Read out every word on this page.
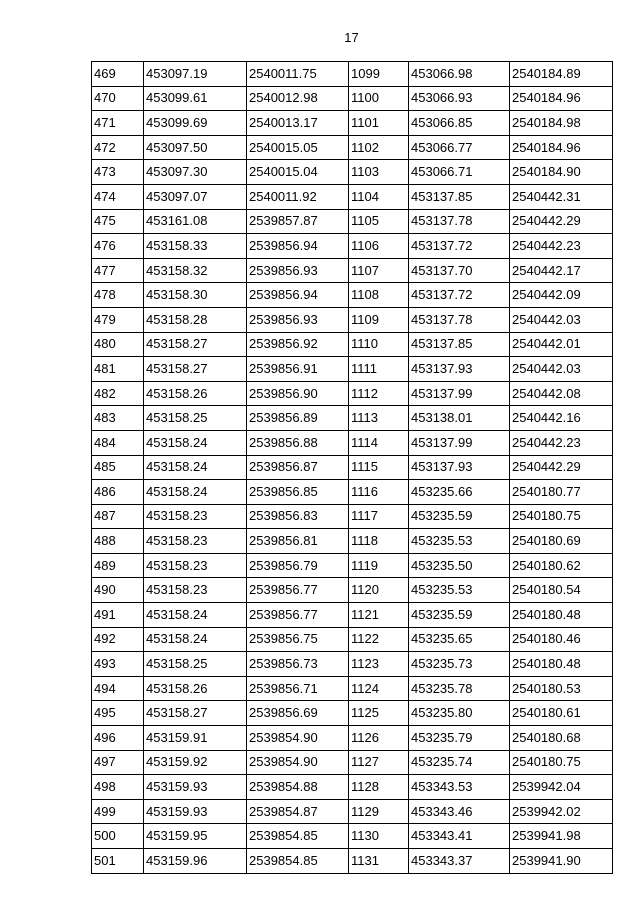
17
469	453097.19	2540011.75	1099	453066.98	2540184.89
470	453099.61	2540012.98	1100	453066.93	2540184.96
471	453099.69	2540013.17	1101	453066.85	2540184.98
472	453097.50	2540015.05	1102	453066.77	2540184.96
473	453097.30	2540015.04	1103	453066.71	2540184.90
474	453097.07	2540011.92	1104	453137.85	2540442.31
475	453161.08	2539857.87	1105	453137.78	2540442.29
476	453158.33	2539856.94	1106	453137.72	2540442.23
477	453158.32	2539856.93	1107	453137.70	2540442.17
478	453158.30	2539856.94	1108	453137.72	2540442.09
479	453158.28	2539856.93	1109	453137.78	2540442.03
480	453158.27	2539856.92	1110	453137.85	2540442.01
481	453158.27	2539856.91	1111	453137.93	2540442.03
482	453158.26	2539856.90	1112	453137.99	2540442.08
483	453158.25	2539856.89	1113	453138.01	2540442.16
484	453158.24	2539856.88	1114	453137.99	2540442.23
485	453158.24	2539856.87	1115	453137.93	2540442.29
486	453158.24	2539856.85	1116	453235.66	2540180.77
487	453158.23	2539856.83	1117	453235.59	2540180.75
488	453158.23	2539856.81	1118	453235.53	2540180.69
489	453158.23	2539856.79	1119	453235.50	2540180.62
490	453158.23	2539856.77	1120	453235.53	2540180.54
491	453158.24	2539856.77	1121	453235.59	2540180.48
492	453158.24	2539856.75	1122	453235.65	2540180.46
493	453158.25	2539856.73	1123	453235.73	2540180.48
494	453158.26	2539856.71	1124	453235.78	2540180.53
495	453158.27	2539856.69	1125	453235.80	2540180.61
496	453159.91	2539854.90	1126	453235.79	2540180.68
497	453159.92	2539854.90	1127	453235.74	2540180.75
498	453159.93	2539854.88	1128	453343.53	2539942.04
499	453159.93	2539854.87	1129	453343.46	2539942.02
500	453159.95	2539854.85	1130	453343.41	2539941.98
501	453159.96	2539854.85	1131	453343.37	2539941.90
